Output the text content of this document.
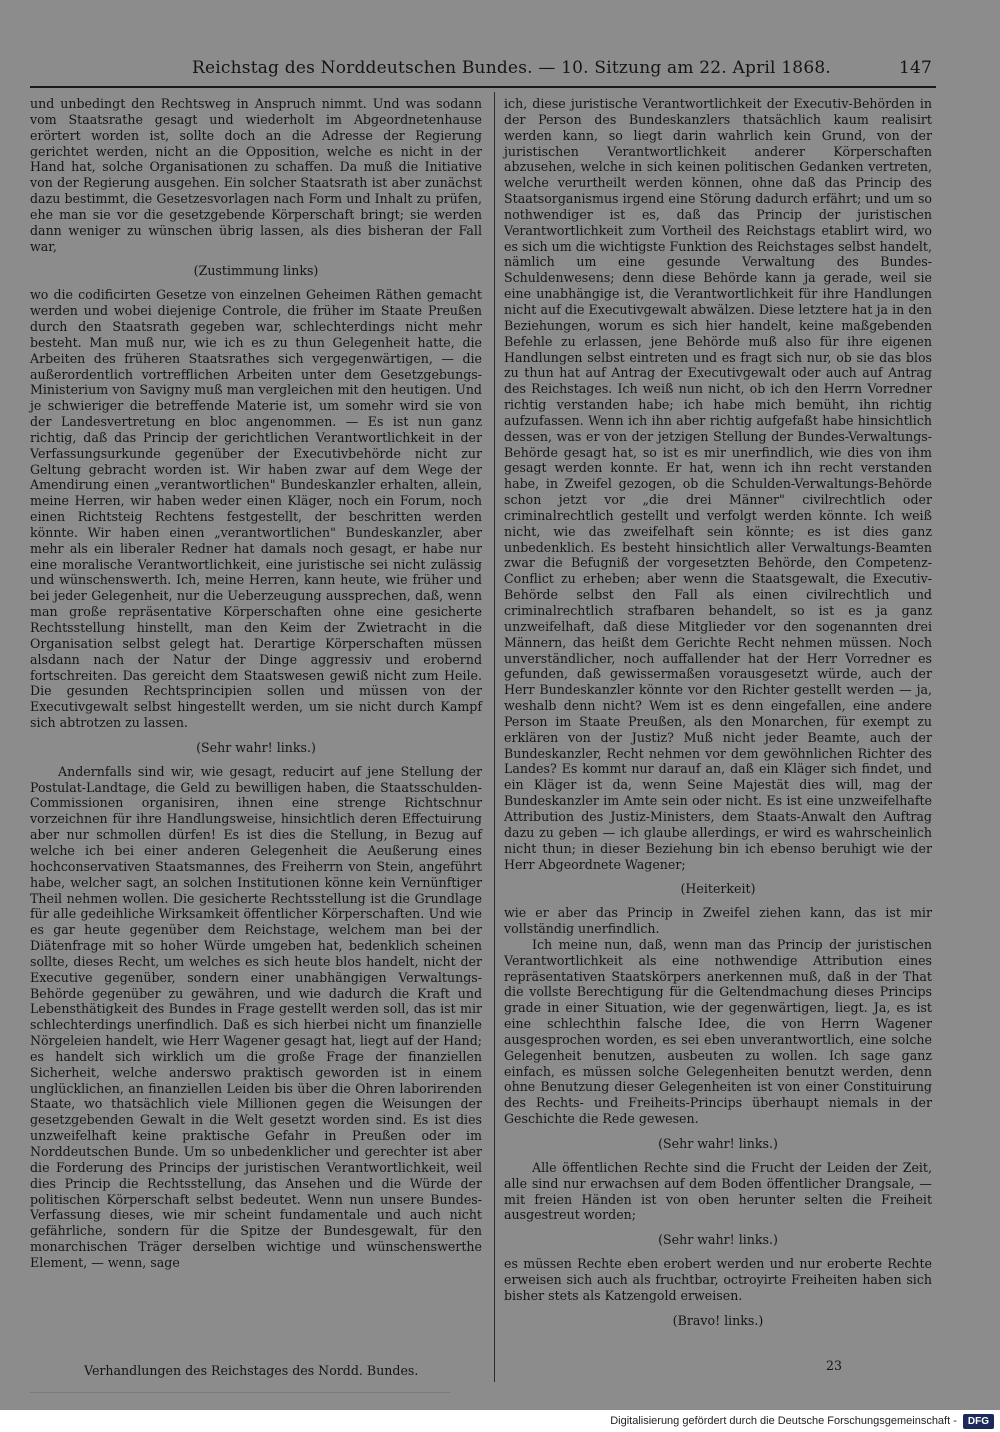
Reichstag des Norddeutschen Bundes. — 10. Sitzung am 22. April 1868.	147

und unbedingt den Rechtsweg in Anspruch nimmt. Und was sodann vom Staatsrathe gesagt und wiederholt im Abgeordnetenhause erörtert worden ist, sollte doch an die Adresse der Regierung gerichtet werden, nicht an die Opposition, welche es nicht in der Hand hat, solche Organisationen zu schaffen. Da muß die Initiative von der Regierung ausgehen. Ein solcher Staatsrath ist aber zunächst dazu bestimmt, die Gesetzesvorlagen nach Form und Inhalt zu prüfen, ehe man sie vor die gesetzgebende Körperschaft bringt; sie werden dann weniger zu wünschen übrig lassen, als dies bisheran der Fall war,

(Zustimmung links)

wo die codificirten Gesetze von einzelnen Geheimen Räthen gemacht werden und wobei diejenige Controle, die früher im Staate Preußen durch den Staatsrath gegeben war, schlechterdings nicht mehr besteht. Man muß nur, wie ich es zu thun Gelegenheit hatte, die Arbeiten des früheren Staatsrathes sich vergegenwärtigen, — die außerordentlich vortrefflichen Arbeiten unter dem Gesetzgebungs-Ministerium von Savigny muß man vergleichen mit den heutigen. Und je schwieriger die betreffende Materie ist, um somehr wird sie von der Landesvertretung en bloc angenommen. — Es ist nun ganz richtig, daß das Princip der gerichtlichen Verantwortlichkeit in der Verfassungsurkunde gegenüber der Executivbehörde nicht zur Geltung gebracht worden ist. Wir haben zwar auf dem Wege der Amendirung einen „verantwortlichen" Bundeskanzler erhalten, allein, meine Herren, wir haben weder einen Kläger, noch ein Forum, noch einen Richtsteig Rechtens festgestellt, der beschritten werden könnte. Wir haben einen „verantwortlichen" Bundeskanzler, aber mehr als ein liberaler Redner hat damals noch gesagt, er habe nur eine moralische Verantwortlichkeit, eine juristische sei nicht zulässig und wünschenswerth. Ich, meine Herren, kann heute, wie früher und bei jeder Gelegenheit, nur die Ueberzeugung aussprechen, daß, wenn man große repräsentative Körperschaften ohne eine gesicherte Rechtsstellung hinstellt, man den Keim der Zwietracht in die Organisation selbst gelegt hat. Derartige Körperschaften müssen alsdann nach der Natur der Dinge aggressiv und erobernd fortschreiten. Das gereicht dem Staatswesen gewiß nicht zum Heile. Die gesunden Rechtsprincipien sollen und müssen von der Executivgewalt selbst hingestellt werden, um sie nicht durch Kampf sich abtrotzen zu lassen.

(Sehr wahr! links.)

Andernfalls sind wir, wie gesagt, reducirt auf jene Stellung der Postulat-Landtage, die Geld zu bewilligen haben, die Staatsschulden-Commissionen organisiren, ihnen eine strenge Richtschnur vorzeichnen für ihre Handlungsweise, hinsichtlich deren Effectuirung aber nur schmollen dürfen! Es ist dies die Stellung, in Bezug auf welche ich bei einer anderen Gelegenheit die Aeußerung eines hochconservativen Staatsmannes, des Freiherrn von Stein, angeführt habe, welcher sagt, an solchen Institutionen könne kein Vernünftiger Theil nehmen wollen. Die gesicherte Rechtsstellung ist die Grundlage für alle gedeihliche Wirksamkeit öffentlicher Körperschaften. Und wie es gar heute gegenüber dem Reichstage, welchem man bei der Diätenfrage mit so hoher Würde umgeben hat, bedenklich scheinen sollte, dieses Recht, um welches es sich heute blos handelt, nicht der Executive gegenüber, sondern einer unabhängigen Verwaltungs-Behörde gegenüber zu gewähren, und wie dadurch die Kraft und Lebensthätigkeit des Bundes in Frage gestellt werden soll, das ist mir schlechterdings unerfindlich. Daß es sich hierbei nicht um finanzielle Nörgeleien handelt, wie Herr Wagener gesagt hat, liegt auf der Hand; es handelt sich wirklich um die große Frage der finanziellen Sicherheit, welche anderswo praktisch geworden ist in einem unglücklichen, an finanziellen Leiden bis über die Ohren laborirenden Staate, wo thatsächlich viele Millionen gegen die Weisungen der gesetzgebenden Gewalt in die Welt gesetzt worden sind. Es ist dies unzweifelhaft keine praktische Gefahr in Preußen oder im Norddeutschen Bunde. Um so unbedenklicher und gerechter ist aber die Forderung des Princips der juristischen Verantwortlichkeit, weil dies Princip die Rechtsstellung, das Ansehen und die Würde der politischen Körperschaft selbst bedeutet. Wenn nun unsere Bundes-Verfassung dieses, wie mir scheint fundamentale und auch nicht gefährliche, sondern für die Spitze der Bundesgewalt, für den monarchischen Träger derselben wichtige und wünschenswerthe Element, — wenn, sage

ich, diese juristische Verantwortlichkeit der Executiv-Behörden in der Person des Bundeskanzlers thatsächlich kaum realisirt werden kann, so liegt darin wahrlich kein Grund, von der juristischen Verantwortlichkeit anderer Körperschaften abzusehen, welche in sich keinen politischen Gedanken vertreten, welche verurtheilt werden können, ohne daß das Princip des Staatsorganismus irgend eine Störung dadurch erfährt; und um so nothwendiger ist es, daß das Princip der juristischen Verantwortlichkeit zum Vortheil des Reichstags etablirt wird, wo es sich um die wichtigste Funktion des Reichstages selbst handelt, nämlich um eine gesunde Verwaltung des Bundes-Schuldenwesens; denn diese Behörde kann ja gerade, weil sie eine unabhängige ist, die Verantwortlichkeit für ihre Handlungen nicht auf die Executivgewalt abwälzen. Diese letztere hat ja in den Beziehungen, worum es sich hier handelt, keine maßgebenden Befehle zu erlassen, jene Behörde muß also für ihre eigenen Handlungen selbst eintreten und es fragt sich nur, ob sie das blos zu thun hat auf Antrag der Executivgewalt oder auch auf Antrag des Reichstages. Ich weiß nun nicht, ob ich den Herrn Vorredner richtig verstanden habe; ich habe mich bemüht, ihn richtig aufzufassen. Wenn ich ihn aber richtig aufgefaßt habe hinsichtlich dessen, was er von der jetzigen Stellung der Bundes-Verwaltungs-Behörde gesagt hat, so ist es mir unerfindlich, wie dies von ihm gesagt werden konnte. Er hat, wenn ich ihn recht verstanden habe, in Zweifel gezogen, ob die Schulden-Verwaltungs-Behörde schon jetzt vor „die drei Männer" civilrechtlich oder criminalrechtlich gestellt und verfolgt werden könnte. Ich weiß nicht, wie das zweifelhaft sein könnte; es ist dies ganz unbedenklich. Es besteht hinsichtlich aller Verwaltungs-Beamten zwar die Befugniß der vorgesetzten Behörde, den Competenz-Conflict zu erheben; aber wenn die Staatsgewalt, die Executiv-Behörde selbst den Fall als einen civilrechtlich und criminalrechtlich strafbaren behandelt, so ist es ja ganz unzweifelhaft, daß diese Mitglieder vor den sogenannten drei Männern, das heißt dem Gerichte Recht nehmen müssen. Noch unverständlicher, noch auffallender hat der Herr Vorredner es gefunden, daß gewissermaßen vorausgesetzt würde, auch der Herr Bundeskanzler könnte vor den Richter gestellt werden — ja, weshalb denn nicht? Wem ist es denn eingefallen, eine andere Person im Staate Preußen, als den Monarchen, für exempt zu erklären von der Justiz? Muß nicht jeder Beamte, auch der Bundeskanzler, Recht nehmen vor dem gewöhnlichen Richter des Landes? Es kommt nur darauf an, daß ein Kläger sich findet, und ein Kläger ist da, wenn Seine Majestät dies will, mag der Bundeskanzler im Amte sein oder nicht. Es ist eine unzweifelhafte Attribution des Justiz-Ministers, dem Staats-Anwalt den Auftrag dazu zu geben — ich glaube allerdings, er wird es wahrscheinlich nicht thun; in dieser Beziehung bin ich ebenso beruhigt wie der Herr Abgeordnete Wagener;

(Heiterkeit)

wie er aber das Princip in Zweifel ziehen kann, das ist mir vollständig unerfindlich.

Ich meine nun, daß, wenn man das Princip der juristischen Verantwortlichkeit als eine nothwendige Attribution eines repräsentativen Staatskörpers anerkennen muß, daß in der That die vollste Berechtigung für die Geltendmachung dieses Princips grade in einer Situation, wie der gegenwärtigen, liegt. Ja, es ist eine schlechthin falsche Idee, die von Herrn Wagener ausgesprochen worden, es sei eben unverantwortlich, eine solche Gelegenheit benutzen, ausbeuten zu wollen. Ich sage ganz einfach, es müssen solche Gelegenheiten benutzt werden, denn ohne Benutzung dieser Gelegenheiten ist von einer Constituirung des Rechts- und Freiheits-Princips überhaupt niemals in der Geschichte die Rede gewesen.

(Sehr wahr! links.)

Alle öffentlichen Rechte sind die Frucht der Leiden der Zeit, alle sind nur erwachsen auf dem Boden öffentlicher Drangsale, — mit freien Händen ist von oben herunter selten die Freiheit ausgestreut worden;

(Sehr wahr! links.)

es müssen Rechte eben erobert werden und nur eroberte Rechte erweisen sich auch als fruchtbar, octroyirte Freiheiten haben sich bisher stets als Katzengold erweisen.

(Bravo! links.)
Verhandlungen des Reichstages des Nordd. Bundes.	23
Digitalisierung gefördert durch die Deutsche Forschungsgemeinschaft -	DFG
